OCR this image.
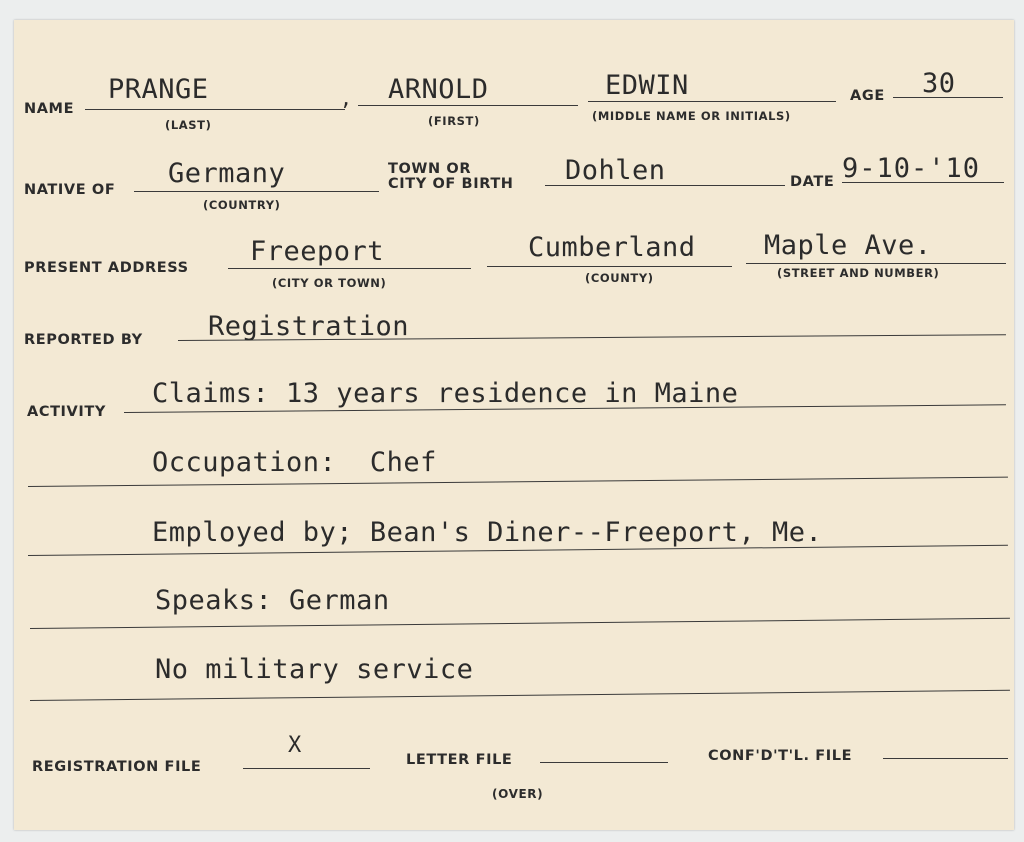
NAME
PRANGE
(LAST)
, ARNOLD
(FIRST)
EDWIN
(MIDDLE NAME OR INITIALS)
AGE 30
NATIVE OF
Germany
(COUNTRY)
TOWN OR
CITY OF BIRTH Dohlen	DATE 9-10-'10
PRESENT ADDRESS
Freeport
(CITY OR TOWN)
Cumberland
(COUNTY)
Maple Ave.
(STREET AND NUMBER)
REPORTED BY Registration
ACTIVITY
Claims: 13 years residence in Maine
Occupation:  Chef
Employed by; Bean's Diner--Freeport, Me.
Speaks: German
No military service
REGISTRATION FILE
X
LETTER FILE	CONF'D'T'L. FILE
(OVER)
